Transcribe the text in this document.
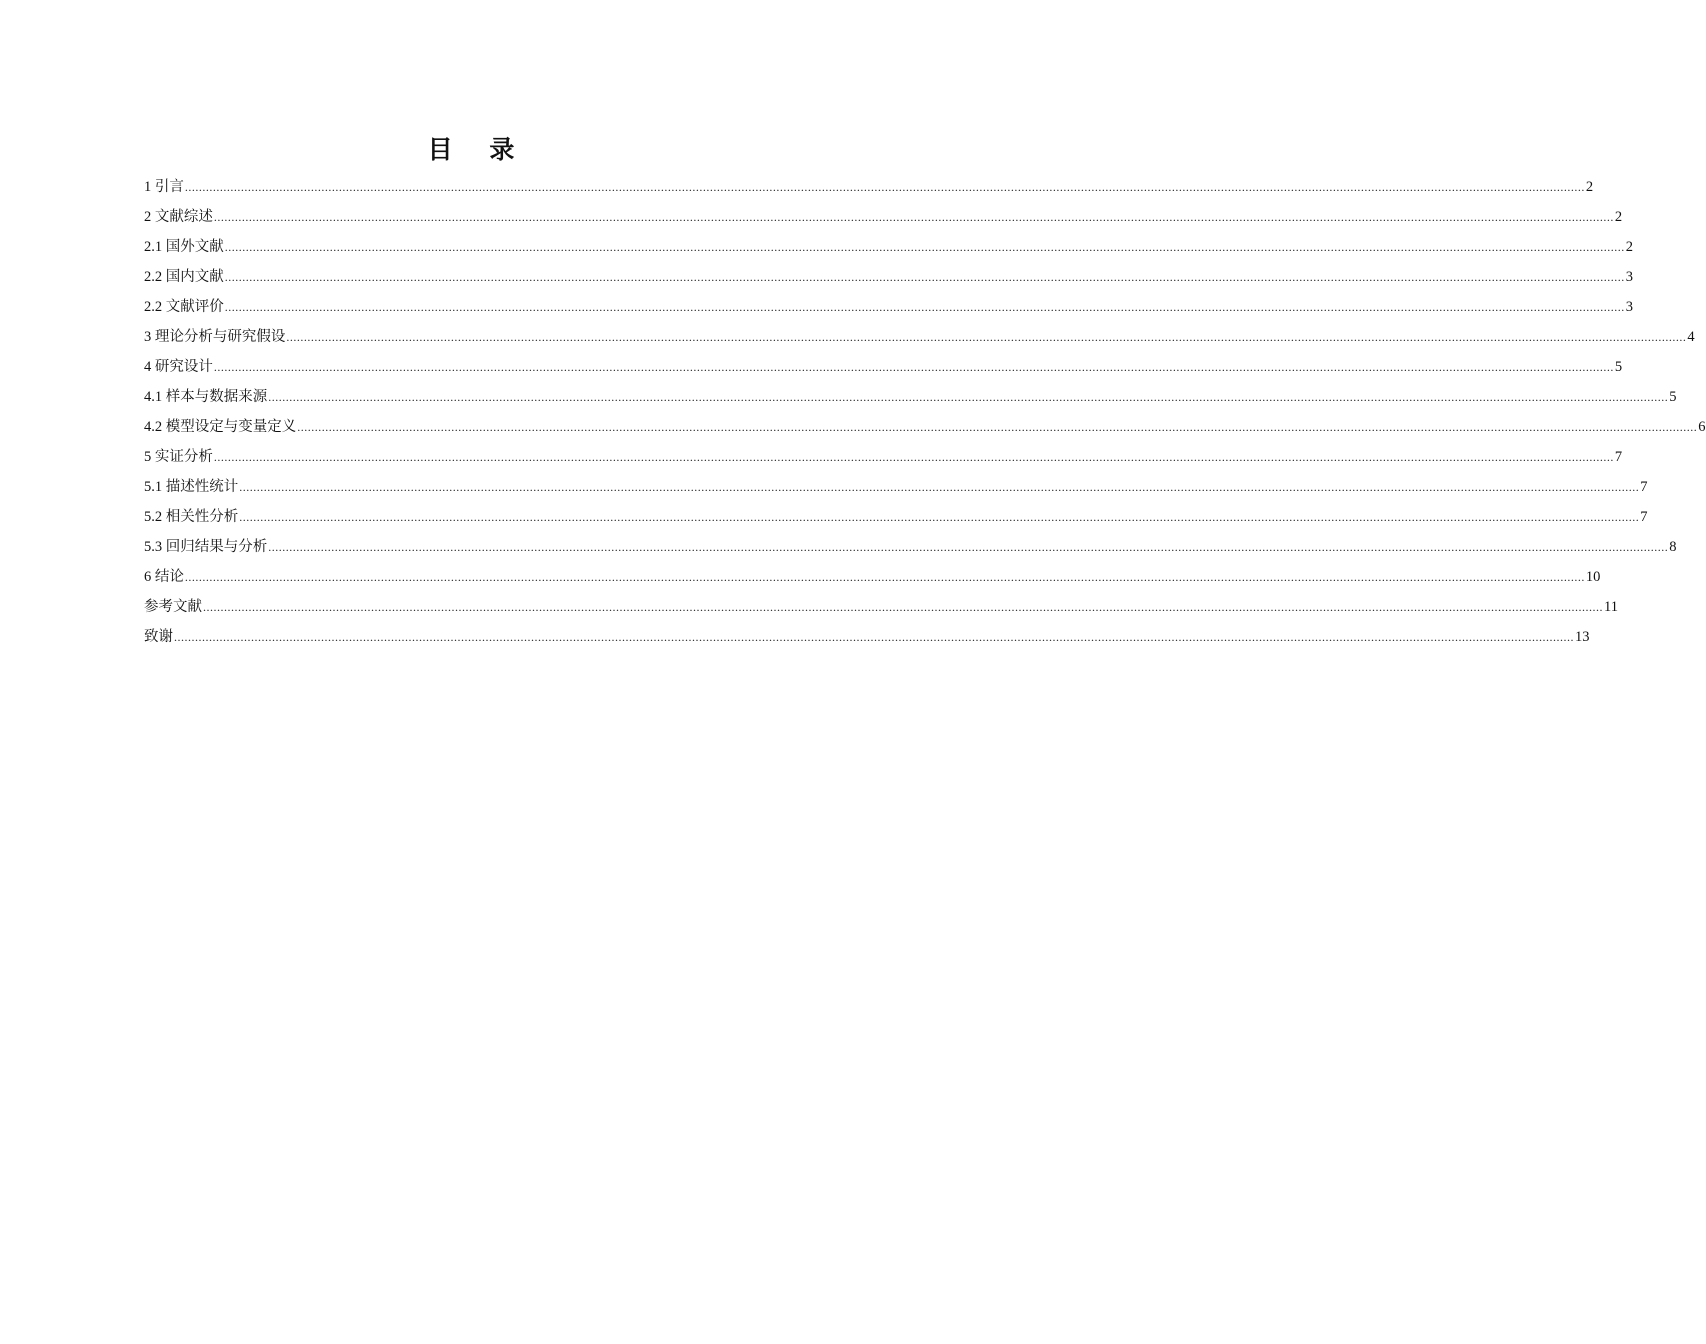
目 录
1 引言 ................................................................................................................................................................................................................................................................................................................................................................................................................ 2
2 文献综述 ................................................................................................................................................................................................................................................................................................................................................................................................................ 2
2.1 国外文献 ................................................................................................................................................................................................................................................................................................................................................................................................................ 2
2.2 国内文献 ................................................................................................................................................................................................................................................................................................................................................................................................................ 3
2.2 文献评价 ................................................................................................................................................................................................................................................................................................................................................................................................................ 3
3 理论分析与研究假设 ................................................................................................................................................................................................................................................................................................................................................................................................................ 4
4 研究设计 ................................................................................................................................................................................................................................................................................................................................................................................................................ 5
4.1 样本与数据来源 ................................................................................................................................................................................................................................................................................................................................................................................................................ 5
4.2 模型设定与变量定义 ................................................................................................................................................................................................................................................................................................................................................................................................................ 6
5 实证分析 ................................................................................................................................................................................................................................................................................................................................................................................................................ 7
5.1 描述性统计 ................................................................................................................................................................................................................................................................................................................................................................................................................ 7
5.2 相关性分析 ................................................................................................................................................................................................................................................................................................................................................................................................................ 7
5.3 回归结果与分析 ................................................................................................................................................................................................................................................................................................................................................................................................................ 8
6 结论 ................................................................................................................................................................................................................................................................................................................................................................................................................ 10
参考文献 ................................................................................................................................................................................................................................................................................................................................................................................................................ 11
致谢 ................................................................................................................................................................................................................................................................................................................................................................................................................ 13
